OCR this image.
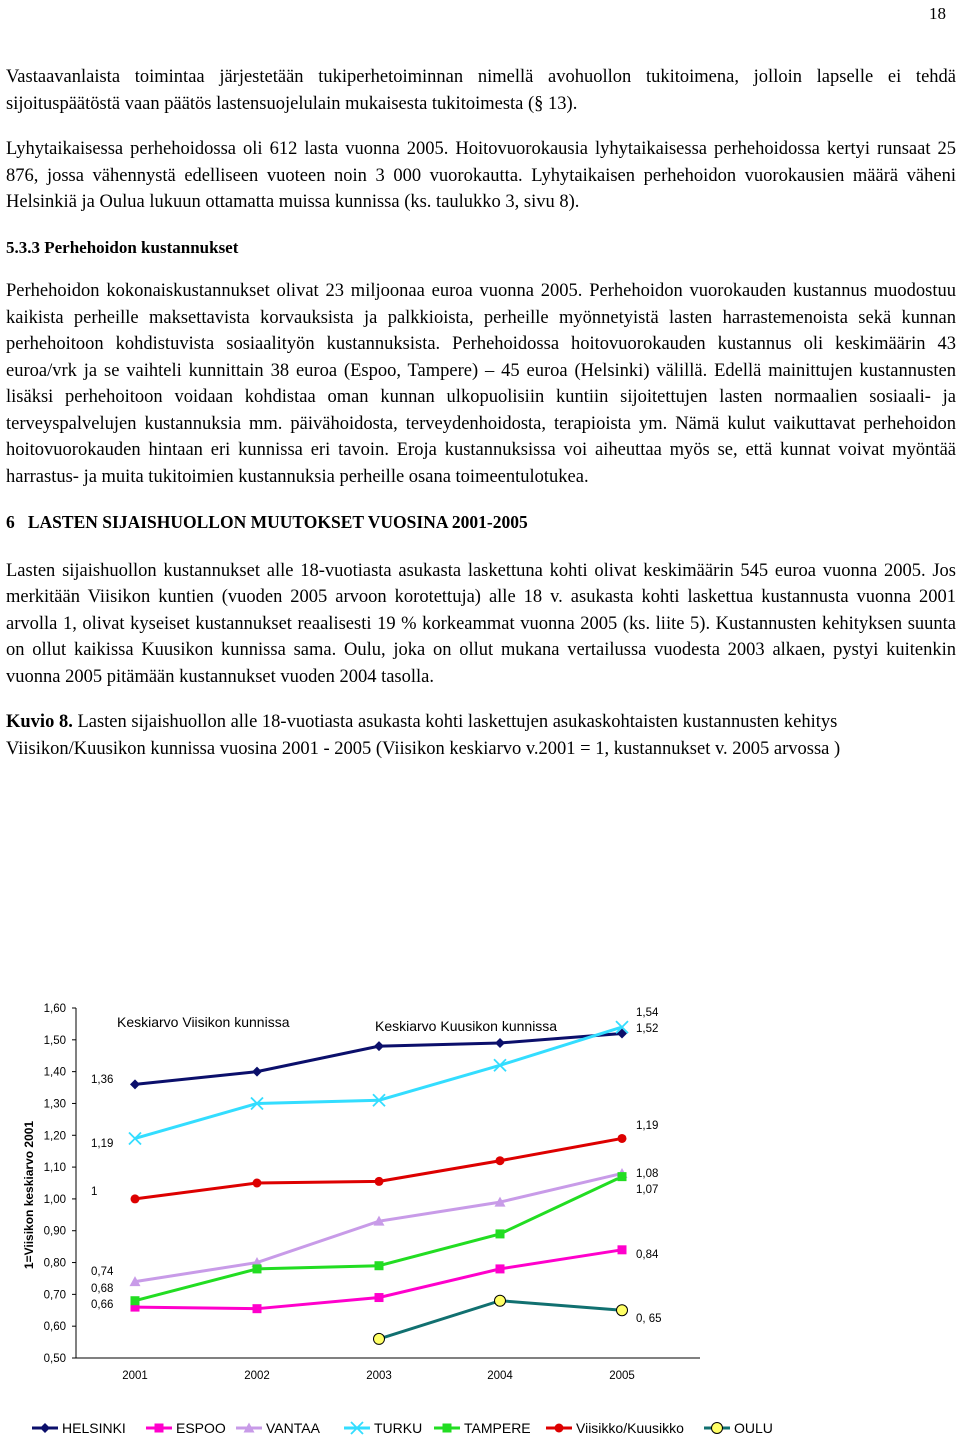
18

Vastaavanlaista toimintaa järjestetään tukiperhetoiminnan nimellä avohuollon tukitoimena, jolloin lapselle ei tehdä sijoituspäätöstä vaan päätös lastensuojelulain mukaisesta tukitoimesta (§ 13).

Lyhytaikaisessa perhehoidossa oli 612 lasta vuonna 2005. Hoitovuorokausia lyhytaikaisessa perhehoidossa kertyi runsaat 25 876, jossa vähennystä edelliseen vuoteen noin 3 000 vuorokautta. Lyhytaikaisen perhehoidon vuorokausien määrä väheni Helsinkiä ja Oulua lukuun ottamatta muissa kunnissa (ks. taulukko 3, sivu 8).

5.3.3 Perhehoidon kustannukset

Perhehoidon kokonaiskustannukset olivat 23 miljoonaa euroa vuonna 2005. Perhehoidon vuorokauden kustannus muodostuu kaikista perheille maksettavista korvauksista ja palkkioista, perheille myönnetyistä lasten harrastemenoista sekä kunnan perhehoitoon kohdistuvista sosiaalityön kustannuksista. Perhehoidossa hoitovuorokauden kustannus oli keskimäärin 43 euroa/vrk ja se vaihteli kunnittain 38 euroa (Espoo, Tampere) – 45 euroa (Helsinki) välillä. Edellä mainittujen kustannusten lisäksi perhehoitoon voidaan kohdistaa oman kunnan ulkopuolisiin kuntiin sijoitettujen lasten normaalien sosiaali- ja terveyspalvelujen kustannuksia mm. päivähoidosta, terveydenhoidosta, terapioista ym. Nämä kulut vaikuttavat perhehoidon hoitovuorokauden hintaan eri kunnissa eri tavoin. Eroja kustannuksissa voi aiheuttaa myös se, että kunnat voivat myöntää harrastus- ja muita tukitoimien kustannuksia perheille osana toimeentulotukea.

6   LASTEN SIJAISHUOLLON MUUTOKSET VUOSINA 2001-2005

Lasten sijaishuollon kustannukset alle 18-vuotiasta asukasta laskettuna kohti olivat keskimäärin 545 euroa vuonna 2005. Jos merkitään Viisikon kuntien (vuoden 2005 arvoon korotettuja) alle 18 v. asukasta kohti laskettua kustannusta vuonna 2001 arvolla 1, olivat kyseiset kustannukset reaalisesti 19 % korkeammat vuonna 2005 (ks. liite 5). Kustannusten kehityksen suunta on ollut kaikissa Kuusikon kunnissa sama. Oulu, joka on ollut mukana vertailussa vuodesta 2003 alkaen, pystyi kuitenkin vuonna 2005 pitämään kustannukset vuoden 2004 tasolla.

Kuvio 8. Lasten sijaishuollon alle 18-vuotiasta asukasta kohti laskettujen asukaskohtaisten kustannusten kehitys Viisikon/Kuusikon kunnissa vuosina 2001 - 2005 (Viisikon keskiarvo v.2001 = 1, kustannukset v. 2005 arvossa )

0,50
0,60
0,70
0,80
0,90
1,00
1,10
1,20
1,30
1,40
1,50
1,60
2001	2002	2003	2004	2005
1=Viisikon keskiarvo 2001
1,36
1,19
1
0,74
0,68
0,66
1,54
1,52
1,19
1,08
1,07
0,84
0, 65
Keskiarvo Viisikon kunnissa	Keskiarvo Kuusikon kunnissa
HELSINKI	ESPOO	VANTAA	TURKU	TAMPERE	Viisikko/Kuusikko	OULU
